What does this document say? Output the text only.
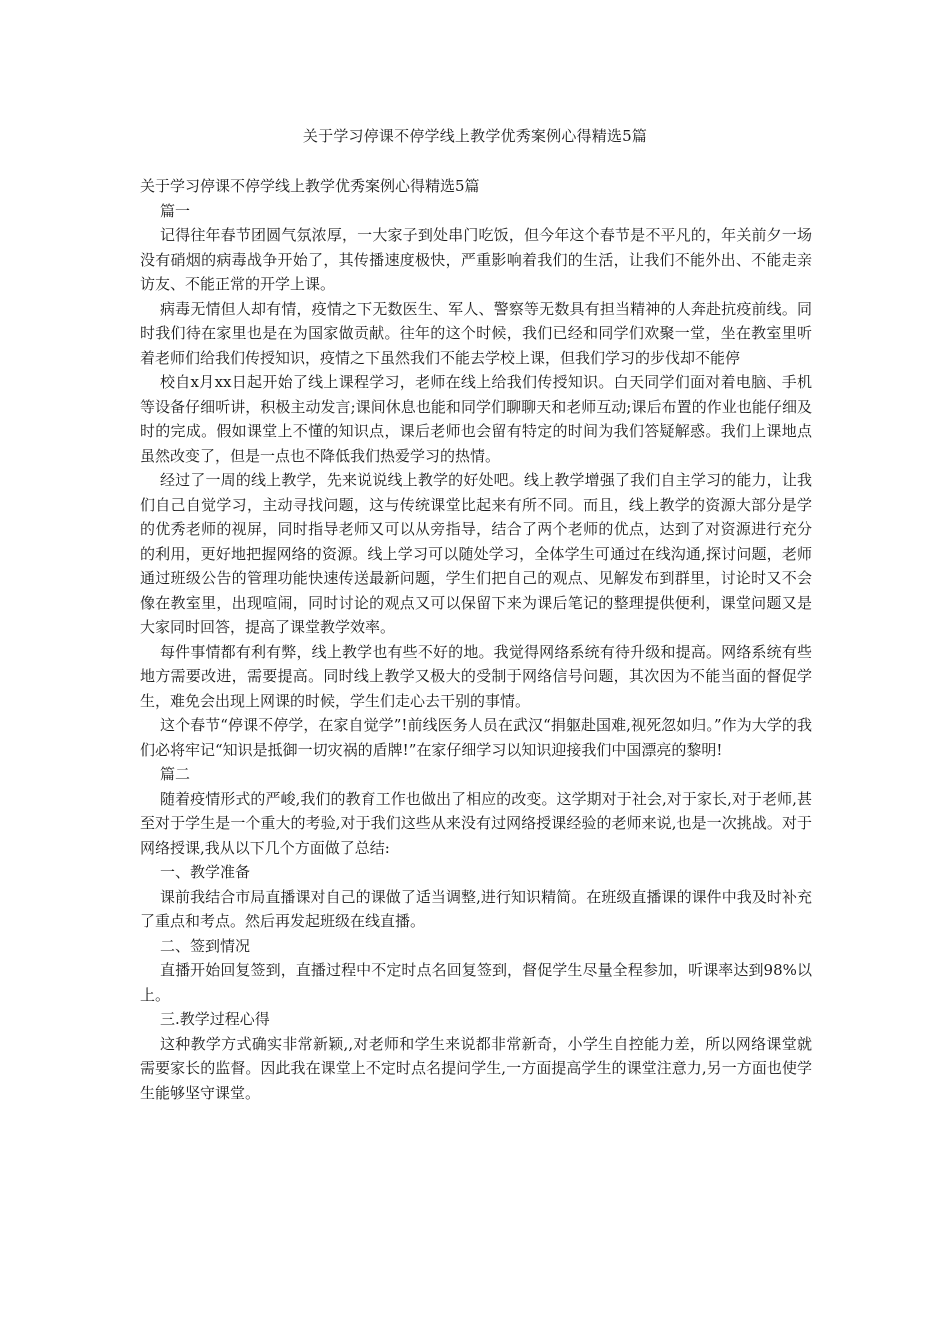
关于学习停课不停学线上教学优秀案例心得精选5篇

关于学习停课不停学线上教学优秀案例心得精选5篇

篇一

记得往年春节团圆气氛浓厚，一大家子到处串门吃饭，但今年这个春节是不平凡的，年关前夕一场没有硝烟的病毒战争开始了，其传播速度极快，严重影响着我们的生活，让我们不能外出、不能走亲访友、不能正常的开学上课。

病毒无情但人却有情，疫情之下无数医生、军人、警察等无数具有担当精神的人奔赴抗疫前线。同时我们待在家里也是在为国家做贡献。往年的这个时候，我们已经和同学们欢聚一堂，坐在教室里听着老师们给我们传授知识，疫情之下虽然我们不能去学校上课，但我们学习的步伐却不能停

校自x月xx日起开始了线上课程学习，老师在线上给我们传授知识。白天同学们面对着电脑、手机等设备仔细听讲，积极主动发言;课间休息也能和同学们聊聊天和老师互动;课后布置的作业也能仔细及时的完成。假如课堂上不懂的知识点，课后老师也会留有特定的时间为我们答疑解惑。我们上课地点虽然改变了，但是一点也不降低我们热爱学习的热情。

经过了一周的线上教学，先来说说线上教学的好处吧。线上教学增强了我们自主学习的能力，让我们自己自觉学习，主动寻找问题，这与传统课堂比起来有所不同。而且，线上教学的资源大部分是学的优秀老师的视屏，同时指导老师又可以从旁指导，结合了两个老师的优点，达到了对资源进行充分的利用，更好地把握网络的资源。线上学习可以随处学习，全体学生可通过在线沟通,探讨问题，老师通过班级公告的管理功能快速传送最新问题，学生们把自己的观点、见解发布到群里，讨论时又不会像在教室里，出现喧闹，同时讨论的观点又可以保留下来为课后笔记的整理提供便利，课堂问题又是大家同时回答，提高了课堂教学效率。

每件事情都有利有弊，线上教学也有些不好的地。我觉得网络系统有待升级和提高。网络系统有些地方需要改进，需要提高。同时线上教学又极大的受制于网络信号问题，其次因为不能当面的督促学生，难免会出现上网课的时候，学生们走心去干别的事情。

这个春节“停课不停学，在家自觉学”!前线医务人员在武汉“捐躯赴国难,视死忽如归。”作为大学的我们必将牢记“知识是抵御一切灾祸的盾牌!”在家仔细学习以知识迎接我们中国漂亮的黎明!

篇二

随着疫情形式的严峻,我们的教育工作也做出了相应的改变。这学期对于社会,对于家长,对于老师,甚至对于学生是一个重大的考验,对于我们这些从来没有过网络授课经验的老师来说,也是一次挑战。对于网络授课,我从以下几个方面做了总结:

一、教学准备

课前我结合市局直播课对自己的课做了适当调整,进行知识精简。在班级直播课的课件中我及时补充了重点和考点。然后再发起班级在线直播。

二、签到情况

直播开始回复签到，直播过程中不定时点名回复签到，督促学生尽量全程参加，听课率达到98%以上。

三.教学过程心得

这种教学方式确实非常新颖,,对老师和学生来说都非常新奇，小学生自控能力差，所以网络课堂就需要家长的监督。因此我在课堂上不定时点名提问学生,一方面提高学生的课堂注意力,另一方面也使学生能够坚守课堂。
